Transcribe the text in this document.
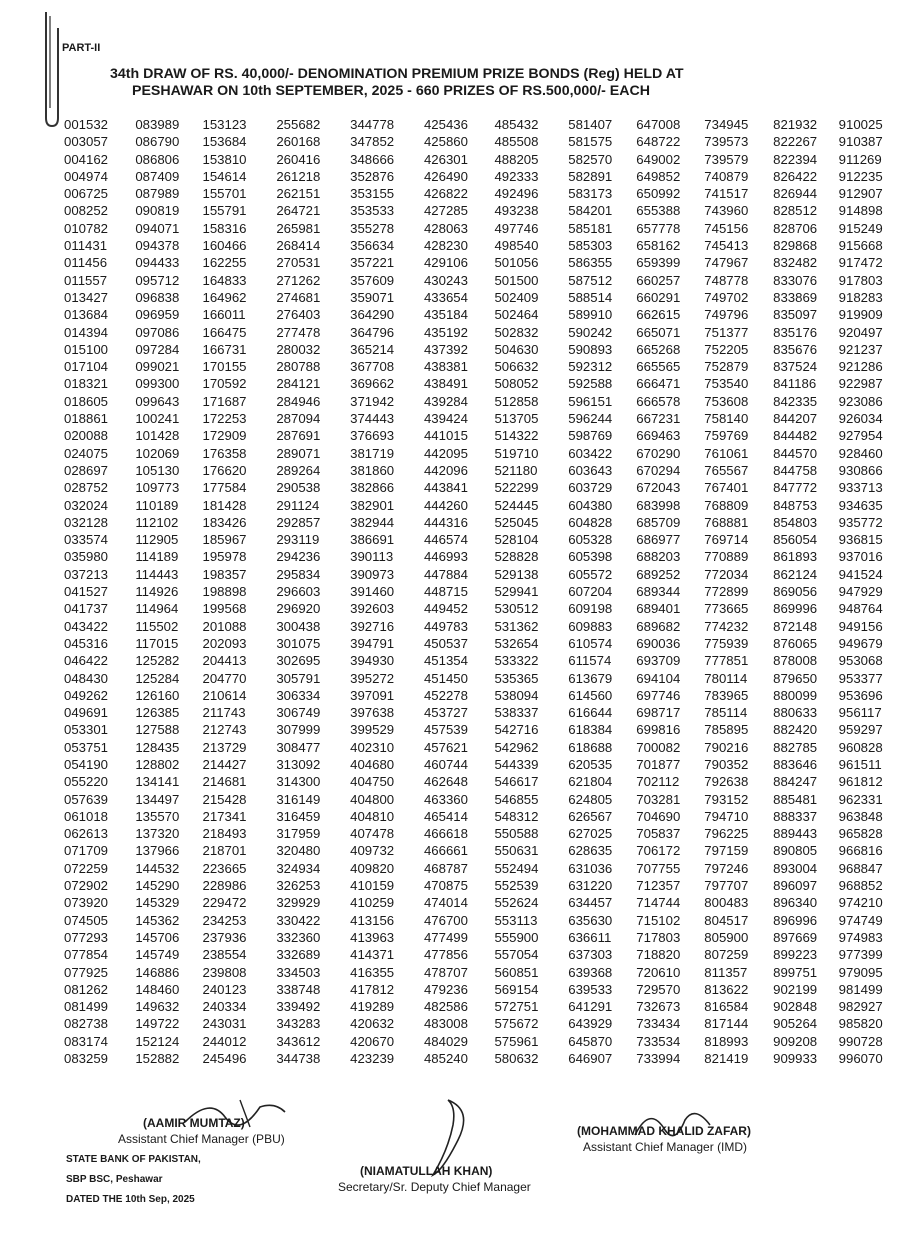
PART-II
34th DRAW OF RS. 40,000/- DENOMINATION PREMIUM PRIZE BONDS (Reg) HELD AT
PESHAWAR ON 10th SEPTEMBER, 2025 - 660 PRIZES OF RS.500,000/- EACH
001532	083989	153123	255682	344778	425436	485432	581407	647008	734945	821932	910025
003057	086790	153684	260168	347852	425860	485508	581575	648722	739573	822267	910387
004162	086806	153810	260416	348666	426301	488205	582570	649002	739579	822394	911269
004974	087409	154614	261218	352876	426490	492333	582891	649852	740879	826422	912235
006725	087989	155701	262151	353155	426822	492496	583173	650992	741517	826944	912907
008252	090819	155791	264721	353533	427285	493238	584201	655388	743960	828512	914898
010782	094071	158316	265981	355278	428063	497746	585181	657778	745156	828706	915249
011431	094378	160466	268414	356634	428230	498540	585303	658162	745413	829868	915668
011456	094433	162255	270531	357221	429106	501056	586355	659399	747967	832482	917472
011557	095712	164833	271262	357609	430243	501500	587512	660257	748778	833076	917803
013427	096838	164962	274681	359071	433654	502409	588514	660291	749702	833869	918283
013684	096959	166011	276403	364290	435184	502464	589910	662615	749796	835097	919909
014394	097086	166475	277478	364796	435192	502832	590242	665071	751377	835176	920497
015100	097284	166731	280032	365214	437392	504630	590893	665268	752205	835676	921237
017104	099021	170155	280788	367708	438381	506632	592312	665565	752879	837524	921286
018321	099300	170592	284121	369662	438491	508052	592588	666471	753540	841186	922987
018605	099643	171687	284946	371942	439284	512858	596151	666578	753608	842335	923086
018861	100241	172253	287094	374443	439424	513705	596244	667231	758140	844207	926034
020088	101428	172909	287691	376693	441015	514322	598769	669463	759769	844482	927954
024075	102069	176358	289071	381719	442095	519710	603422	670290	761061	844570	928460
028697	105130	176620	289264	381860	442096	521180	603643	670294	765567	844758	930866
028752	109773	177584	290538	382866	443841	522299	603729	672043	767401	847772	933713
032024	110189	181428	291124	382901	444260	524445	604380	683998	768809	848753	934635
032128	112102	183426	292857	382944	444316	525045	604828	685709	768881	854803	935772
033574	112905	185967	293119	386691	446574	528104	605328	686977	769714	856054	936815
035980	114189	195978	294236	390113	446993	528828	605398	688203	770889	861893	937016
037213	114443	198357	295834	390973	447884	529138	605572	689252	772034	862124	941524
041527	114926	198898	296603	391460	448715	529941	607204	689344	772899	869056	947929
041737	114964	199568	296920	392603	449452	530512	609198	689401	773665	869996	948764
043422	115502	201088	300438	392716	449783	531362	609883	689682	774232	872148	949156
045316	117015	202093	301075	394791	450537	532654	610574	690036	775939	876065	949679
046422	125282	204413	302695	394930	451354	533322	611574	693709	777851	878008	953068
048430	125284	204770	305791	395272	451450	535365	613679	694104	780114	879650	953377
049262	126160	210614	306334	397091	452278	538094	614560	697746	783965	880099	953696
049691	126385	211743	306749	397638	453727	538337	616644	698717	785114	880633	956117
053301	127588	212743	307999	399529	457539	542716	618384	699816	785895	882420	959297
053751	128435	213729	308477	402310	457621	542962	618688	700082	790216	882785	960828
054190	128802	214427	313092	404680	460744	544339	620535	701877	790352	883646	961511
055220	134141	214681	314300	404750	462648	546617	621804	702112	792638	884247	961812
057639	134497	215428	316149	404800	463360	546855	624805	703281	793152	885481	962331
061018	135570	217341	316459	404810	465414	548312	626567	704690	794710	888337	963848
062613	137320	218493	317959	407478	466618	550588	627025	705837	796225	889443	965828
071709	137966	218701	320480	409732	466661	550631	628635	706172	797159	890805	966816
072259	144532	223665	324934	409820	468787	552494	631036	707755	797246	893004	968847
072902	145290	228986	326253	410159	470875	552539	631220	712357	797707	896097	968852
073920	145329	229472	329929	410259	474014	552624	634457	714744	800483	896340	974210
074505	145362	234253	330422	413156	476700	553113	635630	715102	804517	896996	974749
077293	145706	237936	332360	413963	477499	555900	636611	717803	805900	897669	974983
077854	145749	238554	332689	414371	477856	557054	637303	718820	807259	899223	977399
077925	146886	239808	334503	416355	478707	560851	639368	720610	811357	899751	979095
081262	148460	240123	338748	417812	479236	569154	639533	729570	813622	902199	981499
081499	149632	240334	339492	419289	482586	572751	641291	732673	816584	902848	982927
082738	149722	243031	343283	420632	483008	575672	643929	733434	817144	905264	985820
083174	152124	244012	343612	420670	484029	575961	645870	733534	818993	909208	990728
083259	152882	245496	344738	423239	485240	580632	646907	733994	821419	909933	996070
(AAMIR MUMTAZ)
Assistant Chief Manager (PBU)
(NIAMATULLAH KHAN)
Secretary/Sr. Deputy Chief Manager
(MOHAMMAD KHALID ZAFAR)
Assistant Chief Manager (IMD)
STATE BANK OF PAKISTAN,
SBP BSC, Peshawar
DATED THE 10th Sep, 2025
